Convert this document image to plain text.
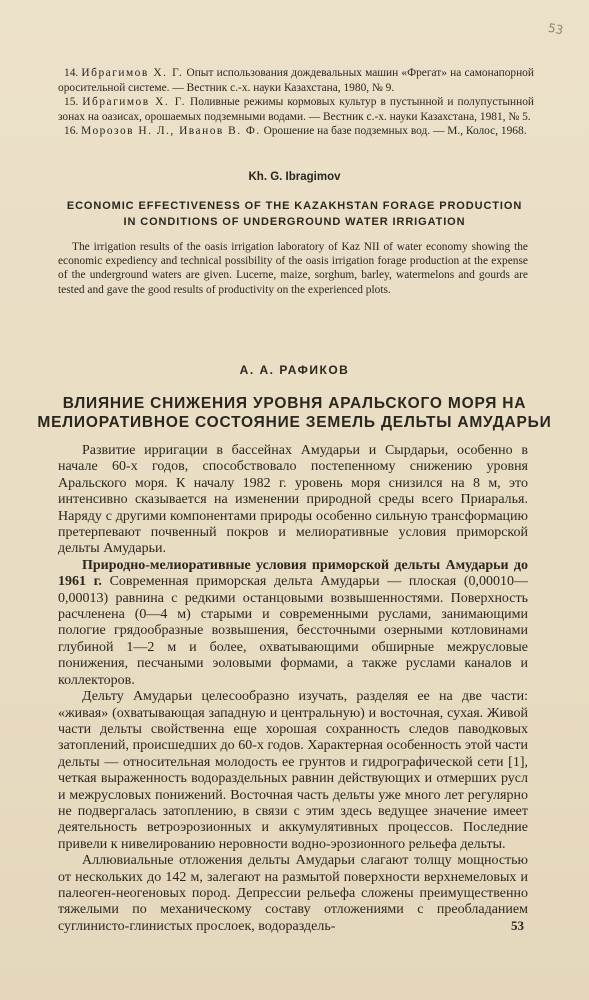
53

14. Ибрагимов Х. Г. Опыт использования дождевальных машин «Фрегат» на самонапорной оросительной системе. — Вестник с.-х. науки Казахстана, 1980, № 9.

15. Ибрагимов Х. Г. Поливные режимы кормовых культур в пустынной и полупустынной зонах на оазисах, орошаемых подземными водами. — Вестник с.-х. науки Казахстана, 1981, № 5.

16. Морозов Н. Л., Иванов В. Ф. Орошение на базе подземных вод. — М., Колос, 1968.

Kh. G. Ibragimov
ECONOMIC EFFECTIVENESS OF THE KAZAKHSTAN FORAGE PRODUCTION
IN CONDITIONS OF UNDERGROUND WATER IRRIGATION

The irrigation results of the oasis irrigation laboratory of Kaz NII of water economy showing the economic expediency and technical possibility of the oasis irrigation forage production at the expense of the underground waters are given. Lucerne, maize, sorghum, barley, watermelons and gourds are tested and gave the good results of productivity on the experienced plots.

А. А. РАФИКОВ
ВЛИЯНИЕ СНИЖЕНИЯ УРОВНЯ АРАЛЬСКОГО МОРЯ НА
МЕЛИОРАТИВНОЕ СОСТОЯНИЕ ЗЕМЕЛЬ ДЕЛЬТЫ АМУДАРЬИ

Развитие ирригации в бассейнах Амударьи и Сырдарьи, особенно в начале 60-х годов, способствовало постепенному снижению уровня Аральского моря. К началу 1982 г. уровень моря снизился на 8 м, это интенсивно сказывается на изменении природной среды всего Приаралья. Наряду с другими компонентами природы особенно сильную трансформацию претерпевают почвенный покров и мелиоративные условия приморской дельты Амударьи.

Природно-мелиоративные условия приморской дельты Амударьи до 1961 г. Современная приморская дельта Амударьи — плоская (0,00010—0,00013) равнина с редкими останцовыми возвышенностями. Поверхность расчленена (0—4 м) старыми и современными руслами, занимающими пологие грядообразные возвышения, бессточными озерными котловинами глубиной 1—2 м и более, охватывающими обширные межрусловые понижения, песчаными эоловыми формами, а также руслами каналов и коллекторов.

Дельту Амударьи целесообразно изучать, разделяя ее на две части: «живая» (охватывающая западную и центральную) и восточная, сухая. Живой части дельты свойственна еще хорошая сохранность следов паводковых затоплений, происшедших до 60-х годов. Характерная особенность этой части дельты — относительная молодость ее грунтов и гидрографической сети [1], четкая выраженность водораздельных равнин действующих и отмерших русл и межрусловых понижений. Восточная часть дельты уже много лет регулярно не подвергалась затоплению, в связи с этим здесь ведущее значение имеет деятельность ветроэрозионных и аккумулятивных процессов. Последние привели к нивелированию неровности водно-эрозионного рельефа дельты.

Аллювиальные отложения дельты Амударьи слагают толщу мощностью от нескольких до 142 м, залегают на размытой поверхности верхнемеловых и палеоген-неогеновых пород. Депрессии рельефа сложены преимущественно тяжелыми по механическому составу отложениями с преобладанием суглинисто-глинистых прослоек, водораздель-	53
